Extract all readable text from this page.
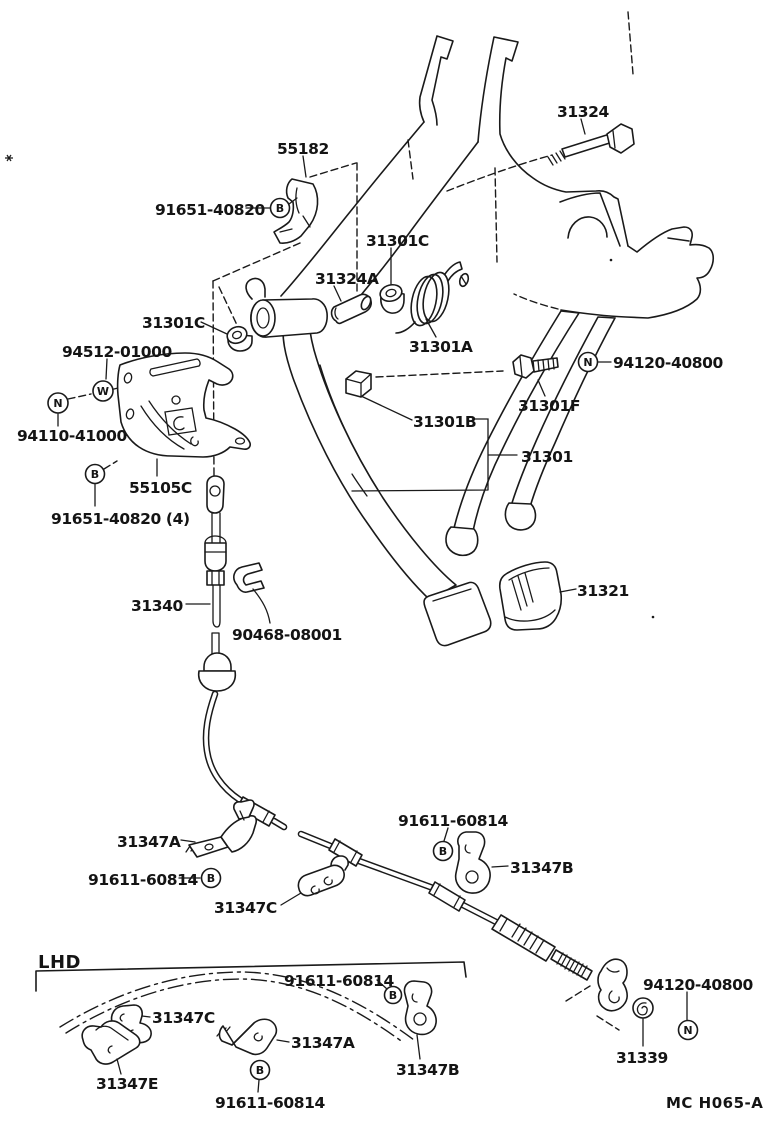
B
W
N
B
N
B
B
B
B
N
55182
91651-40820
31324
31301C
31324A
31301A
31301C
94512-01000
94110-41000
94120-40800
31301F
31301B
31301
55105C
91651-40820 (4)
31340
90468-08001
31321
31347A
91611-60814
31347C
91611-60814
31347B
LHD
91611-60814
31347C
31347A
31347E
91611-60814
31347B
94120-40800
31339
MC H065-A
